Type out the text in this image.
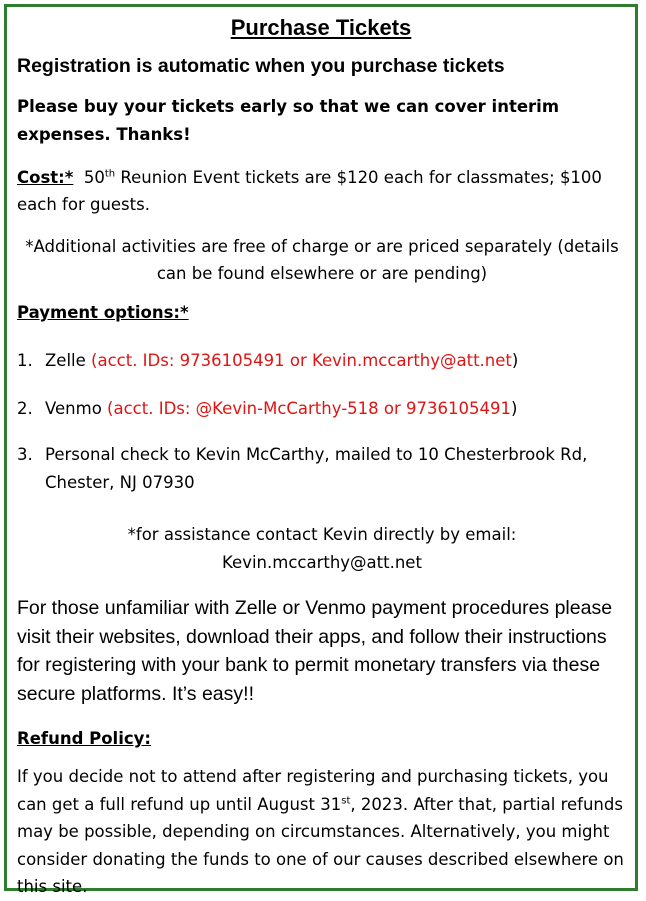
Purchase Tickets
Registration is automatic when you purchase tickets
Please buy your tickets early so that we can cover interim expenses. Thanks!
Cost:* 50th Reunion Event tickets are $120 each for classmates; $100 each for guests.
*Additional activities are free of charge or are priced separately (details can be found elsewhere or are pending)
Payment options:*
1. Zelle (acct. IDs: 9736105491 or Kevin.mccarthy@att.net)
2. Venmo (acct. IDs: @Kevin-McCarthy-518 or 9736105491)
3. Personal check to Kevin McCarthy, mailed to 10 Chesterbrook Rd,
Chester, NJ 07930
*for assistance contact Kevin directly by email:
Kevin.mccarthy@att.net
For those unfamiliar with Zelle or Venmo payment procedures please visit their websites, download their apps, and follow their instructions for registering with your bank to permit monetary transfers via these secure platforms. It’s easy!!
Refund Policy:
If you decide not to attend after registering and purchasing tickets, you can get a full refund up until August 31st, 2023. After that, partial refunds may be possible, depending on circumstances. Alternatively, you might consider donating the funds to one of our causes described elsewhere on this site.
